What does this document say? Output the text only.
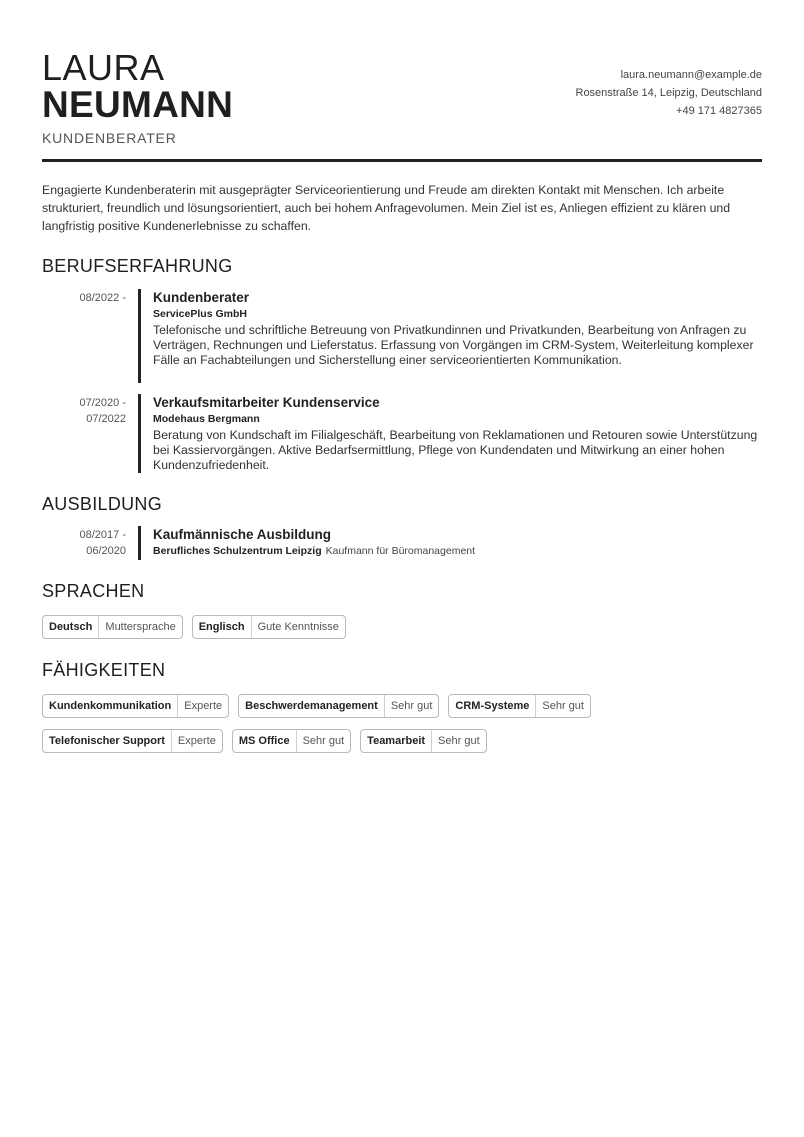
LAURA
NEUMANN
KUNDENBERATER
laura.neumann@example.de
Rosenstraße 14, Leipzig, Deutschland
+49 171 4827365
Engagierte Kundenberaterin mit ausgeprägter Serviceorientierung und Freude am direkten Kontakt mit Menschen. Ich arbeite strukturiert, freundlich und lösungsorientiert, auch bei hohem Anfragevolumen. Mein Ziel ist es, Anliegen effizient zu klären und langfristig positive Kundenerlebnisse zu schaffen.
BERUFSERFAHRUNG
08/2022 - Kundenberater
ServicePlus GmbH
Telefonische und schriftliche Betreuung von Privatkundinnen und Privatkunden, Bearbeitung von Anfragen zu Verträgen, Rechnungen und Lieferstatus. Erfassung von Vorgängen im CRM-System, Weiterleitung komplexer Fälle an Fachabteilungen und Sicherstellung einer serviceorientierten Kommunikation.
07/2020 -
07/2022
Verkaufsmitarbeiter Kundenservice
Modehaus Bergmann
Beratung von Kundschaft im Filialgeschäft, Bearbeitung von Reklamationen und Retouren sowie Unterstützung bei Kassiervorgängen. Aktive Bedarfsermittlung, Pflege von Kundendaten und Mitwirkung an einer hohen Kundenzufriedenheit.
AUSBILDUNG
08/2017 -
06/2020
Kaufmännische Ausbildung
Berufliches Schulzentrum Leipzig Kaufmann für Büromanagement
SPRACHEN
Deutsch	Muttersprache	Englisch	Gute Kenntnisse
FÄHIGKEITEN
Kundenkommunikation	Experte	Beschwerdemanagement	Sehr gut	CRM-Systeme	Sehr gut
Telefonischer Support	Experte	MS Office	Sehr gut	Teamarbeit	Sehr gut
